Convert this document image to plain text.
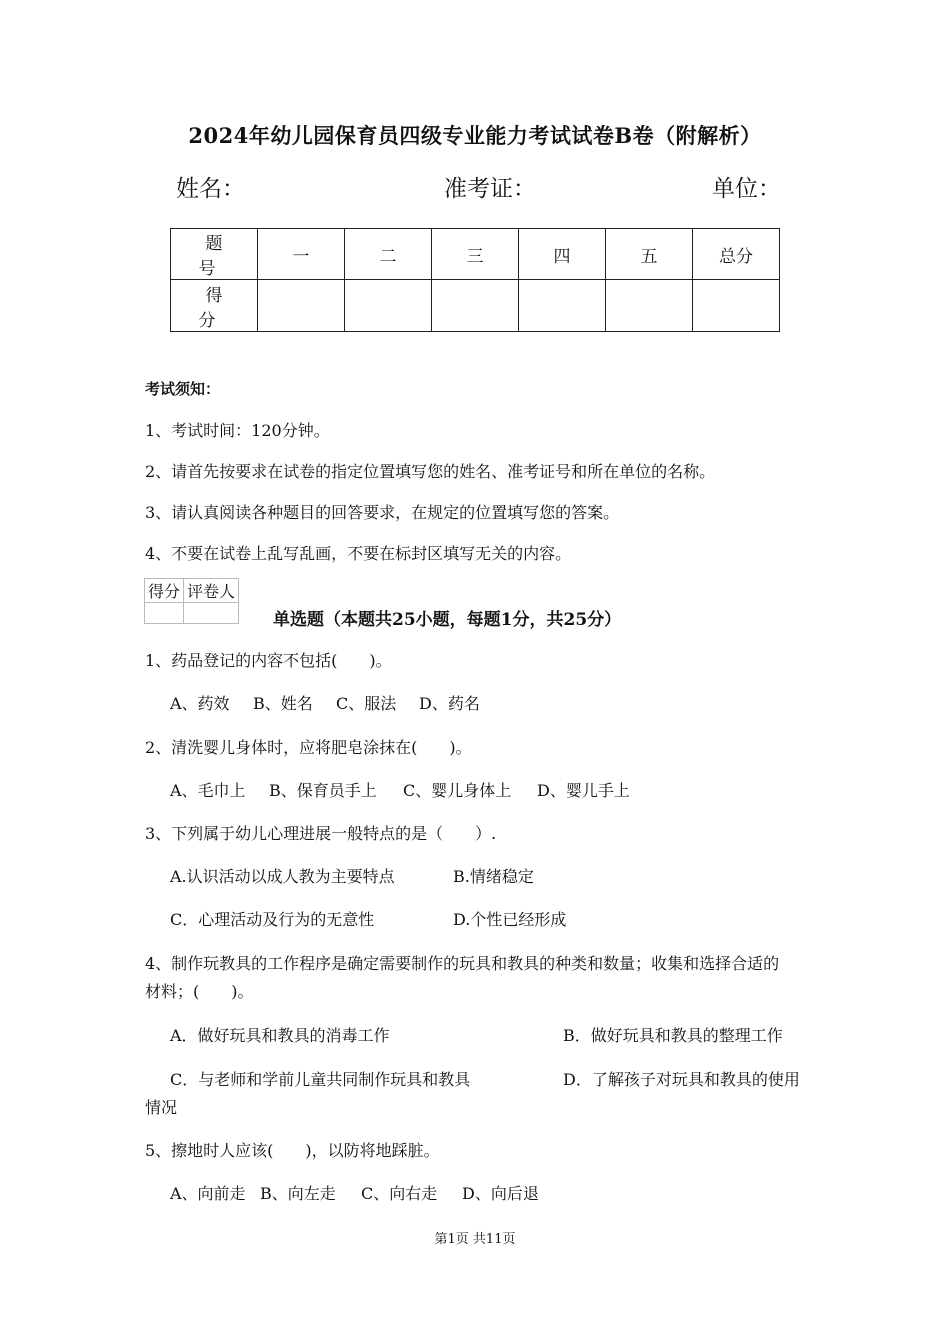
2024年幼儿园保育员四级专业能力考试试卷B卷（附解析）
姓名：	准考证：	单位：
题　号	一	二	三	四	五	总分
得　分						
考试须知：
1、考试时间：120分钟。
2、请首先按要求在试卷的指定位置填写您的姓名、准考证号和所在单位的名称。
3、请认真阅读各种题目的回答要求，在规定的位置填写您的答案。
4、不要在试卷上乱写乱画，不要在标封区填写无关的内容。
得分	评卷人

单选题（本题共25小题，每题1分，共25分）
1、药品登记的内容不包括(　　)。
A、药效 B、姓名 C、服法 D、药名
2、清洗婴儿身体时，应将肥皂涂抹在(　　)。
A、毛巾上 B、保育员手上 C、婴儿身体上 D、婴儿手上
3、下列属于幼儿心理进展一般特点的是（　　）.
A.认识活动以成人教为主要特点	B.情绪稳定
C．心理活动及行为的无意性	D.个性已经形成
4、制作玩教具的工作程序是确定需要制作的玩具和教具的种类和数量；收集和选择合适的
材料；(　　)。
A．做好玩具和教具的消毒工作	B．做好玩具和教具的整理工作
C．与老师和学前儿童共同制作玩具和教具	D．了解孩子对玩具和教具的使用
情况
5、擦地时人应该(　　)，以防将地踩脏。
A、向前走 B、向左走 C、向右走 D、向后退
第1页 共11页
